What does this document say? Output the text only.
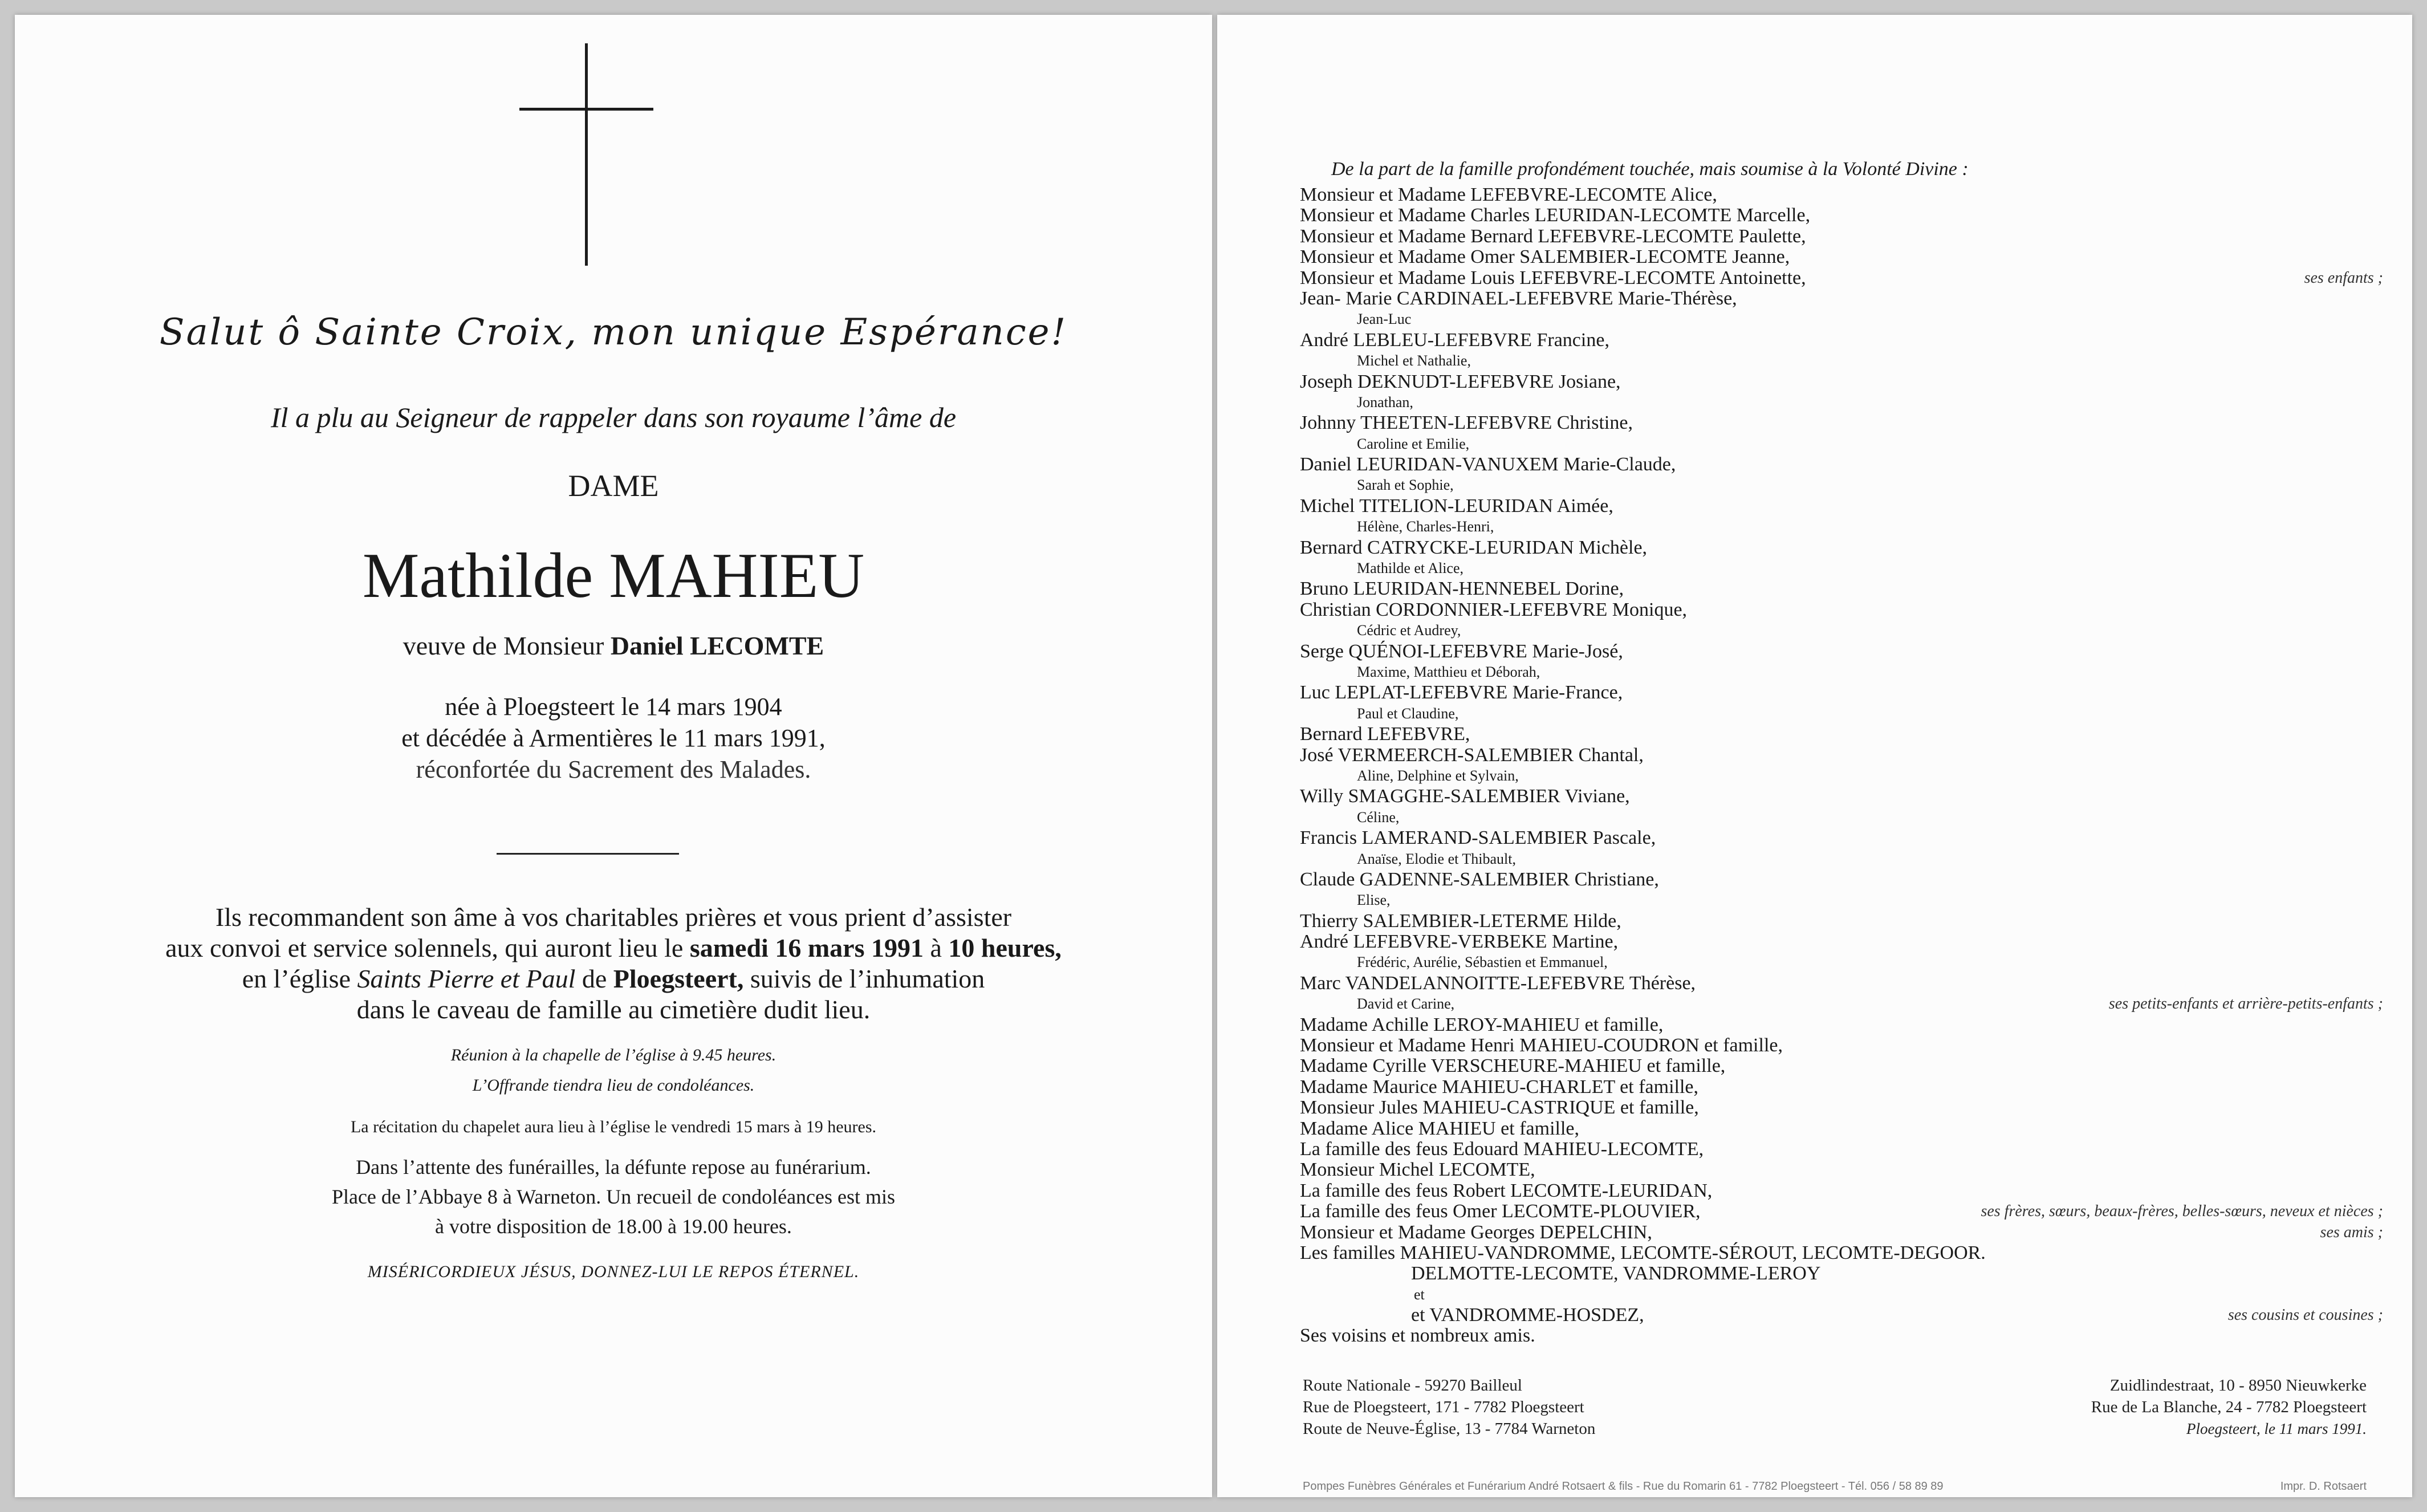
Salut ô Sainte Croix, mon unique Espérance!
Il a plu au Seigneur de rappeler dans son royaume l’âme de
DAME
Mathilde MAHIEU
veuve de Monsieur Daniel LECOMTE
née à Ploegsteert le 14 mars 1904
et décédée à Armentières le 11 mars 1991,
réconfortée du Sacrement des Malades.
Ils recommandent son âme à vos charitables prières et vous prient d’assister
aux convoi et service solennels, qui auront lieu le samedi 16 mars 1991 à 10 heures,
en l’église Saints Pierre et Paul de Ploegsteert, suivis de l’inhumation
dans le caveau de famille au cimetière dudit lieu.
Réunion à la chapelle de l’église à 9.45 heures.
L’Offrande tiendra lieu de condoléances.
La récitation du chapelet aura lieu à l’église le vendredi 15 mars à 19 heures.
Dans l’attente des funérailles, la défunte repose au funérarium.
Place de l’Abbaye 8 à Warneton. Un recueil de condoléances est mis
à votre disposition de 18.00 à 19.00 heures.
MISÉRICORDIEUX JÉSUS, DONNEZ-LUI LE REPOS ÉTERNEL.
De la part de la famille profondément touchée, mais soumise à la Volonté Divine :
Monsieur et Madame LEFEBVRE-LECOMTE Alice,
Monsieur et Madame Charles LEURIDAN-LECOMTE Marcelle,
Monsieur et Madame Bernard LEFEBVRE-LECOMTE Paulette,
Monsieur et Madame Omer SALEMBIER-LECOMTE Jeanne,
Monsieur et Madame Louis LEFEBVRE-LECOMTE Antoinette,	ses enfants ;
Jean- Marie CARDINAEL-LEFEBVRE Marie-Thérèse,
Jean-Luc
André LEBLEU-LEFEBVRE Francine,
Michel et Nathalie,
Joseph DEKNUDT-LEFEBVRE Josiane,
Jonathan,
Johnny THEETEN-LEFEBVRE Christine,
Caroline et Emilie,
Daniel LEURIDAN-VANUXEM Marie-Claude,
Sarah et Sophie,
Michel TITELION-LEURIDAN Aimée,
Hélène, Charles-Henri,
Bernard CATRYCKE-LEURIDAN Michèle,
Mathilde et Alice,
Bruno LEURIDAN-HENNEBEL Dorine,
Christian CORDONNIER-LEFEBVRE Monique,
Cédric et Audrey,
Serge QUÉNOI-LEFEBVRE Marie-José,
Maxime, Matthieu et Déborah,
Luc LEPLAT-LEFEBVRE Marie-France,
Paul et Claudine,
Bernard LEFEBVRE,
José VERMEERCH-SALEMBIER Chantal,
Aline, Delphine et Sylvain,
Willy SMAGGHE-SALEMBIER Viviane,
Céline,
Francis LAMERAND-SALEMBIER Pascale,
Anaïse, Elodie et Thibault,
Claude GADENNE-SALEMBIER Christiane,
Elise,
Thierry SALEMBIER-LETERME Hilde,
André LEFEBVRE-VERBEKE Martine,
Frédéric, Aurélie, Sébastien et Emmanuel,
Marc VANDELANNOITTE-LEFEBVRE Thérèse,
David et Carine,	ses petits-enfants et arrière-petits-enfants ;
Madame Achille LEROY-MAHIEU et famille,
Monsieur et Madame Henri MAHIEU-COUDRON et famille,
Madame Cyrille VERSCHEURE-MAHIEU et famille,
Madame Maurice MAHIEU-CHARLET et famille,
Monsieur Jules MAHIEU-CASTRIQUE et famille,
Madame Alice MAHIEU et famille,
La famille des feus Edouard MAHIEU-LECOMTE,
Monsieur Michel LECOMTE,
La famille des feus Robert LECOMTE-LEURIDAN,
La famille des feus Omer LECOMTE-PLOUVIER,	ses frères, sœurs, beaux-frères, belles-sœurs, neveux et nièces ;
Monsieur et Madame Georges DEPELCHIN,	ses amis ;
Les familles MAHIEU-VANDROMME, LECOMTE-SÉROUT, LECOMTE-DEGOOR.
DELMOTTE-LECOMTE, VANDROMME-LEROY
et
et VANDROMME-HOSDEZ,	ses cousins et cousines ;
Ses voisins et nombreux amis.
Route Nationale - 59270 Bailleul
Rue de Ploegsteert, 171 - 7782 Ploegsteert
Route de Neuve-Église, 13 - 7784 Warneton
Zuidlindestraat, 10 - 8950 Nieuwkerke
Rue de La Blanche, 24 - 7782 Ploegsteert
Ploegsteert, le 11 mars 1991.
Pompes Funèbres Générales et Funérarium André Rotsaert & fils - Rue du Romarin 61 - 7782 Ploegsteert - Tél. 056 / 58 89 89	Impr. D. Rotsaert
